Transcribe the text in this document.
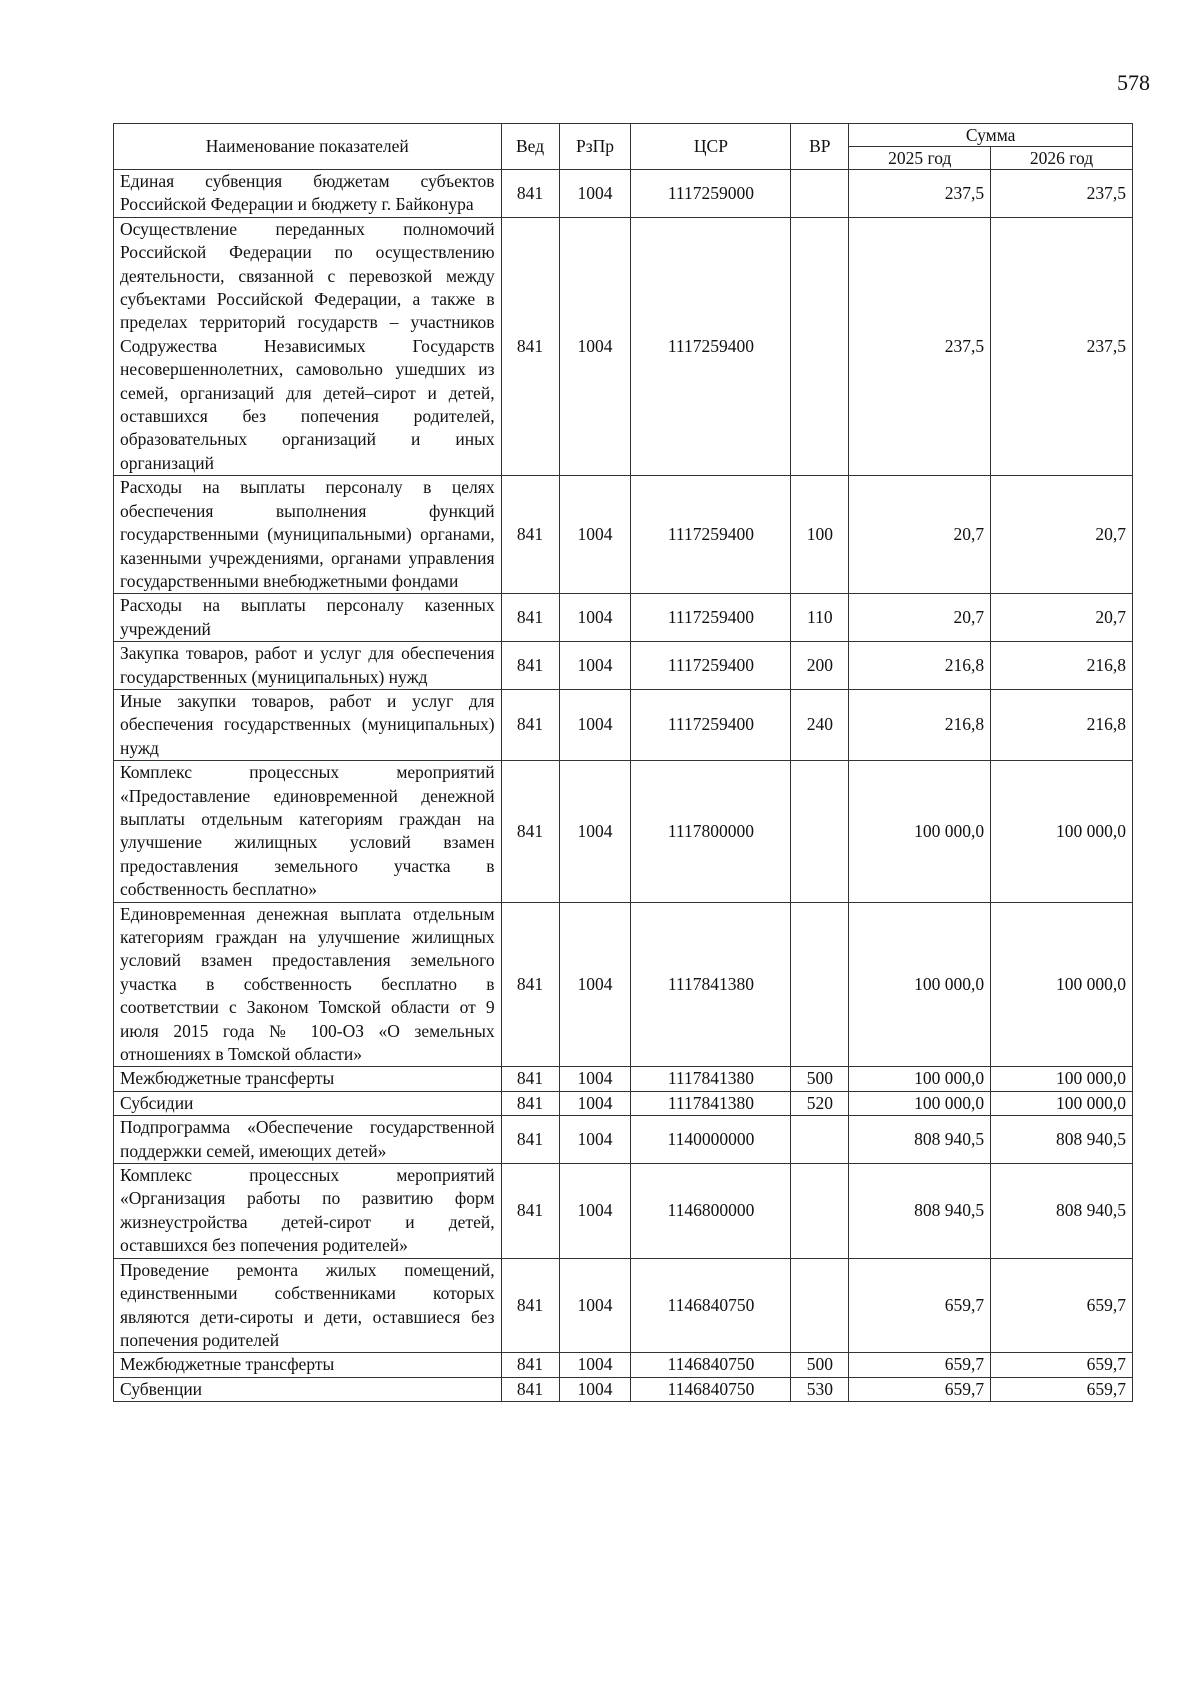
578
Наименование показателей	Вед	РзПр	ЦСР	ВР	Сумма	
					2025 год	2026 год
Единая субвенция бюджетам субъектов Российской Федерации и бюджету г. Байконура	841	1004	1117259000		237,5	237,5
Осуществление переданных полномочий Российской Федерации по осуществлению деятельности, связанной с перевозкой между субъектами Российской Федерации, а также в пределах территорий государств – участников Содружества Независимых Государств несовершеннолетних, самовольно ушедших из семей, организаций для детей–сирот и детей, оставшихся без попечения родителей, образовательных организаций и иных организаций	841	1004	1117259400		237,5	237,5
Расходы на выплаты персоналу в целях обеспечения выполнения функций государственными (муниципальными) органами, казенными учреждениями, органами управления государственными внебюджетными фондами	841	1004	1117259400	100	20,7	20,7
Расходы на выплаты персоналу казенных учреждений	841	1004	1117259400	110	20,7	20,7
Закупка товаров, работ и услуг для обеспечения государственных (муниципальных) нужд	841	1004	1117259400	200	216,8	216,8
Иные закупки товаров, работ и услуг для обеспечения государственных (муниципальных) нужд	841	1004	1117259400	240	216,8	216,8
Комплекс процессных мероприятий «Предоставление единовременной денежной выплаты отдельным категориям граждан на улучшение жилищных условий взамен предоставления земельного участка в собственность бесплатно»	841	1004	1117800000		100 000,0	100 000,0
Единовременная денежная выплата отдельным категориям граждан на улучшение жилищных условий взамен предоставления земельного участка в собственность бесплатно в соответствии с Законом Томской области от 9 июля 2015 года № 100-ОЗ «О земельных отношениях в Томской области»	841	1004	1117841380		100 000,0	100 000,0
Межбюджетные трансферты	841	1004	1117841380	500	100 000,0	100 000,0
Субсидии	841	1004	1117841380	520	100 000,0	100 000,0
Подпрограмма «Обеспечение государственной поддержки семей, имеющих детей»	841	1004	1140000000		808 940,5	808 940,5
Комплекс процессных мероприятий «Организация работы по развитию форм жизнеустройства детей-сирот и детей, оставшихся без попечения родителей»	841	1004	1146800000		808 940,5	808 940,5
Проведение ремонта жилых помещений, единственными собственниками которых являются дети-сироты и дети, оставшиеся без попечения родителей	841	1004	1146840750		659,7	659,7
Межбюджетные трансферты	841	1004	1146840750	500	659,7	659,7
Субвенции	841	1004	1146840750	530	659,7	659,7
